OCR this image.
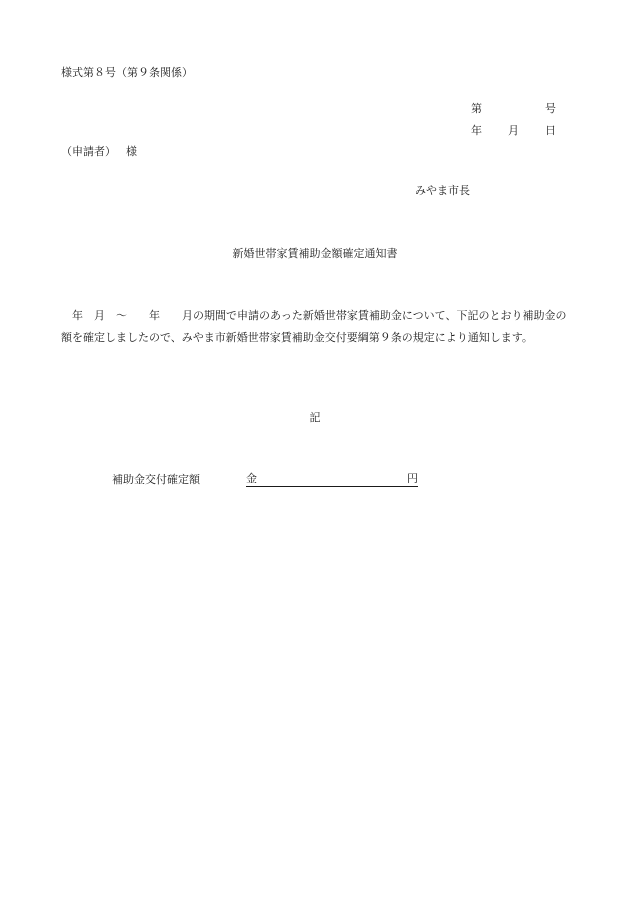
様式第８号（第９条関係）
第	号
年 月 日
（申請者） 様
みやま市長
新婚世帯家賃補助金額確定通知書
　年　月　～　　年　　月の期間で申請のあった新婚世帯家賃補助金について、下記のとおり補助金の額を確定しましたので、みやま市新婚世帯家賃補助金交付要綱第９条の規定により通知します。
記
補助金交付確定額	金	円
